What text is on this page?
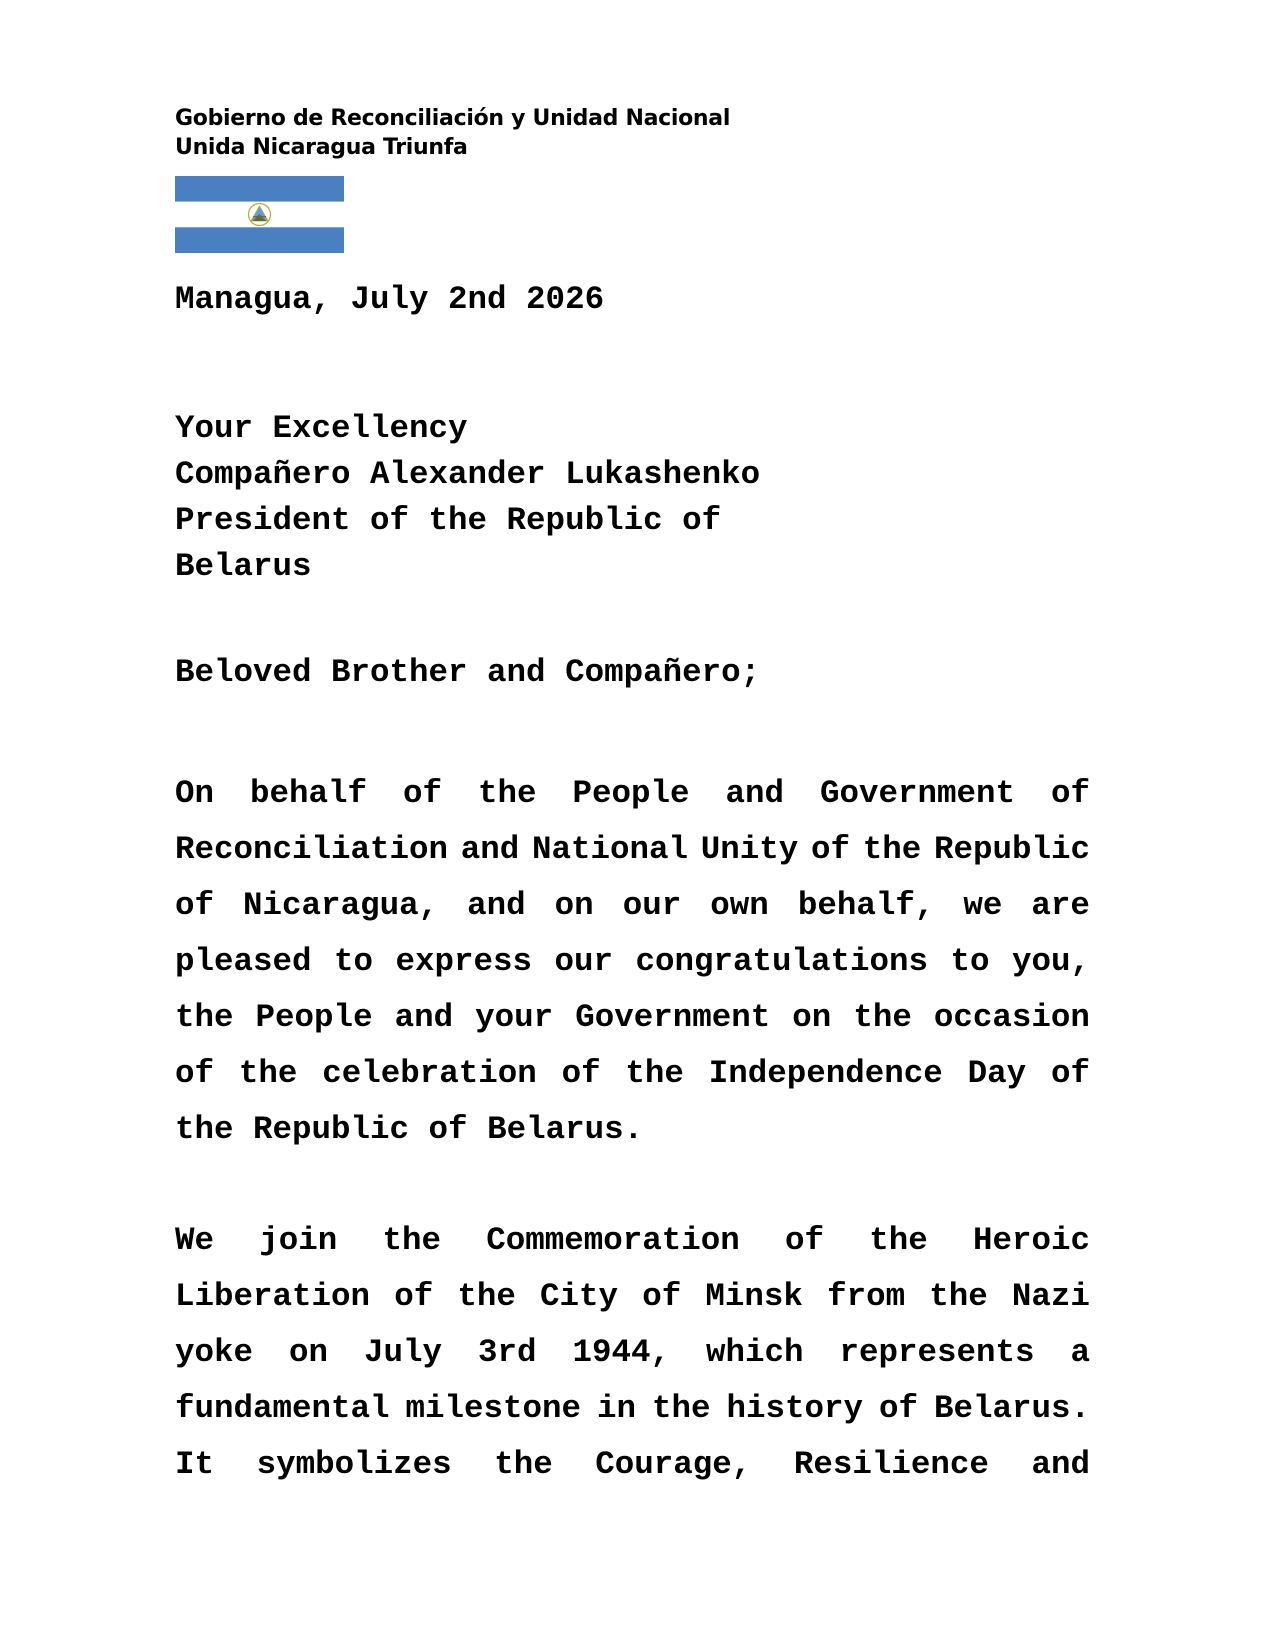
Gobierno de Reconciliación y Unidad Nacional
Unida Nicaragua Triunfa
Managua, July 2nd 2026
Your Excellency
Compañero Alexander Lukashenko
President of the Republic of
Belarus
Beloved Brother and Compañero;
On behalf of the People and Government of
Reconciliation and National Unity of the Republic
of Nicaragua, and on our own behalf, we are
pleased to express our congratulations to you,
the People and your Government on the occasion
of the celebration of the Independence Day of
the Republic of Belarus.
We join the Commemoration of the Heroic
Liberation of the City of Minsk from the Nazi
yoke on July 3rd 1944, which represents a
fundamental milestone in the history of Belarus.
It symbolizes the Courage, Resilience and
